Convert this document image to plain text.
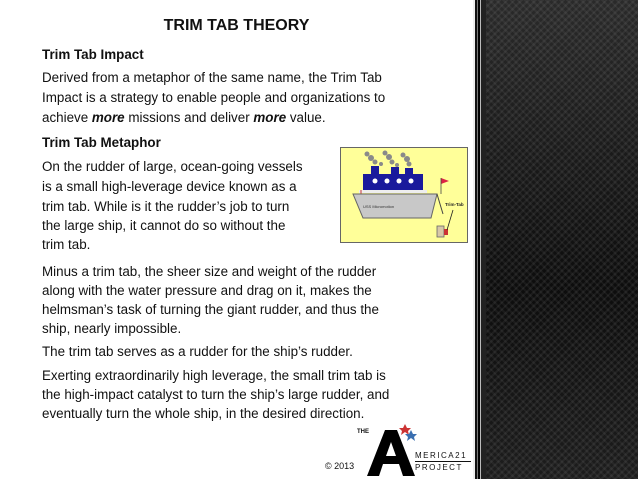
TRIM TAB THEORY

Trim Tab Impact

Derived from a metaphor of the same name, the Trim Tab

Impact is a strategy to enable people and organizations to

achieve more missions and deliver more value.

Trim Tab Metaphor

On the rudder of large, ocean-going vessels

is a small high-leverage device known as a

trim tab. While is it the rudder’s job to turn

the large ship, it cannot do so without the

trim tab.

Minus a trim tab, the sheer size and weight of the rudder

along with the water pressure and drag on it, makes the

helmsman’s task of turning the giant rudder, and thus the

ship, nearly impossible.

The trim tab serves as a rudder for the ship’s rudder.

Exerting extraordinarily high leverage, the small trim tab is

the high-impact catalyst to turn the ship’s large rudder, and

eventually turn the whole ship, in the desired direction.

USS Micromotion	Trim-Tab
© 2013
THE
MERICA21
PROJECT
